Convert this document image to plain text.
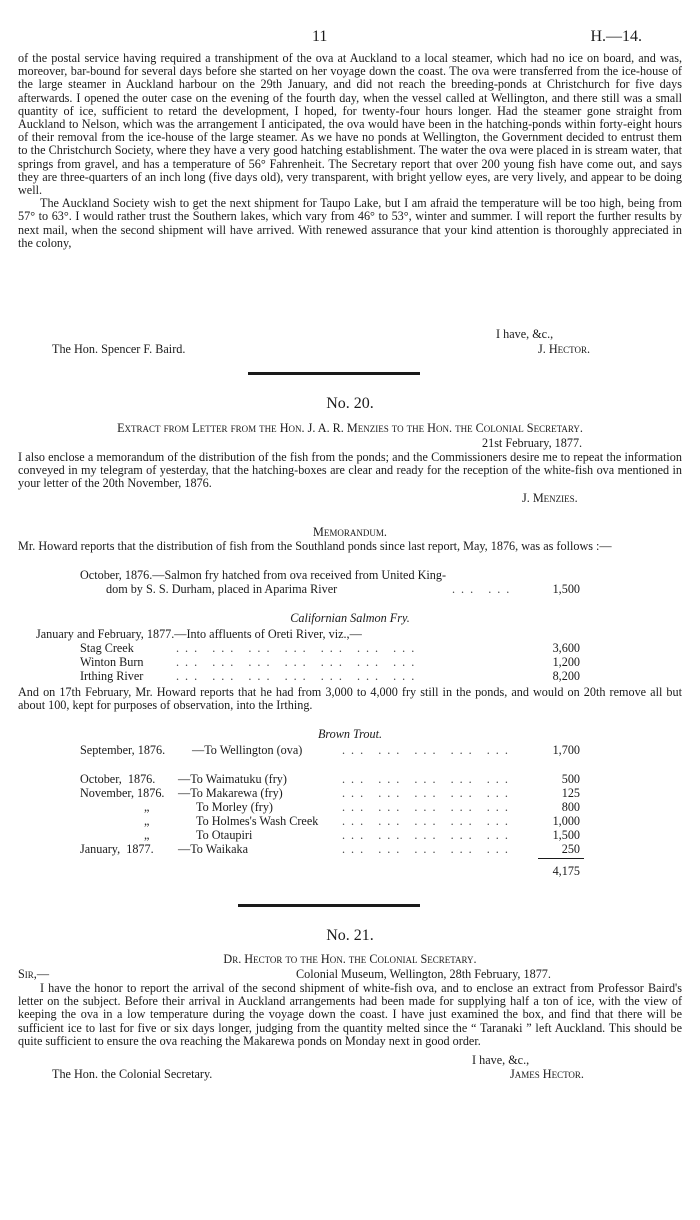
11	H.—14.

of the postal service having required a transhipment of the ova at Auckland to a local steamer, which had no ice on board, and was, moreover, bar-bound for several days before she started on her voyage down the coast. The ova were transferred from the ice-house of the large steamer in Auckland harbour on the 29th January, and did not reach the breeding-ponds at Christchurch for five days afterwards. I opened the outer case on the evening of the fourth day, when the vessel called at Wellington, and there still was a small quantity of ice, sufficient to retard the development, I hoped, for twenty-four hours longer. Had the steamer gone straight from Auckland to Nelson, which was the arrangement I anticipated, the ova would have been in the hatching-ponds within forty-eight hours of their removal from the ice-house of the large steamer. As we have no ponds at Wellington, the Government decided to entrust them to the Christchurch Society, where they have a very good hatching establishment. The water the ova were placed in is stream water, that springs from gravel, and has a temperature of 56° Fahrenheit. The Secretary report that over 200 young fish have come out, and says they are three-quarters of an inch long (five days old), very transparent, with bright yellow eyes, are very lively, and appear to be doing well.

The Auckland Society wish to get the next shipment for Taupo Lake, but I am afraid the temperature will be too high, being from 57° to 63°. I would rather trust the Southern lakes, which vary from 46° to 53°, winter and summer. I will report the further results by next mail, when the second shipment will have arrived. With renewed assurance that your kind attention is thoroughly appreciated in the colony,

I have, &c.,
The Hon. Spencer F. Baird.	J. Hector.
No. 20.
Extract from Letter from the Hon. J. A. R. Menzies to the Hon. the Colonial Secretary.
21st February, 1877.
I also enclose a memorandum of the distribution of the fish from the ponds; and the Commissioners desire me to repeat the information conveyed in my telegram of yesterday, that the hatching-boxes are clear and ready for the reception of the white-fish ova mentioned in your letter of the 20th November, 1876.
J. Menzies.
Memorandum.
Mr. Howard reports that the distribution of fish from the Southland ponds since last report, May, 1876, was as follows :—
October, 1876.—Salmon fry hatched from ova received from United King-
dom by S. S. Durham, placed in Aparima River	... ...	1,500
Californian Salmon Fry.
January and February, 1877.—Into affluents of Oreti River, viz.,—
Stag Creek	... ... ... ... ... ... ...	3,600
Winton Burn	... ... ... ... ... ... ...	1,200
Irthing River	... ... ... ... ... ... ...	8,200
And on 17th February, Mr. Howard reports that he had from 3,000 to 4,000 fry still in the ponds, and would on 20th remove all but about 100, kept for purposes of observation, into the Irthing.
Brown Trout.
September, 1876. —To Wellington (ova)	... ... ... ... ...	1,700
October,  1876. —To Waimatuku (fry)	... ... ... ... ...	500
November, 1876. —To Makarewa (fry)	... ... ... ... ...	125
„	To Morley (fry)	... ... ... ... ...	800
„	To Holmes's Wash Creek ... ... ... ... ...	1,000
„	To Otaupiri	... ... ... ... ...	1,500
January,  1877. —To Waikaka	... ... ... ... ...	250
4,175
No. 21.
Dr. Hector to the Hon. the Colonial Secretary.
Sir,—	Colonial Museum, Wellington, 28th February, 1877.
I have the honor to report the arrival of the second shipment of white-fish ova, and to enclose an extract from Professor Baird's letter on the subject. Before their arrival in Auckland arrangements had been made for supplying half a ton of ice, with the view of keeping the ova in a low temperature during the voyage down the coast. I have just examined the box, and find that there will be sufficient ice to last for five or six days longer, judging from the quantity melted since the “ Taranaki ” left Auckland. This should be quite sufficient to ensure the ova reaching the Makarewa ponds on Monday next in good order.
I have, &c.,
The Hon. the Colonial Secretary.	James Hector.
